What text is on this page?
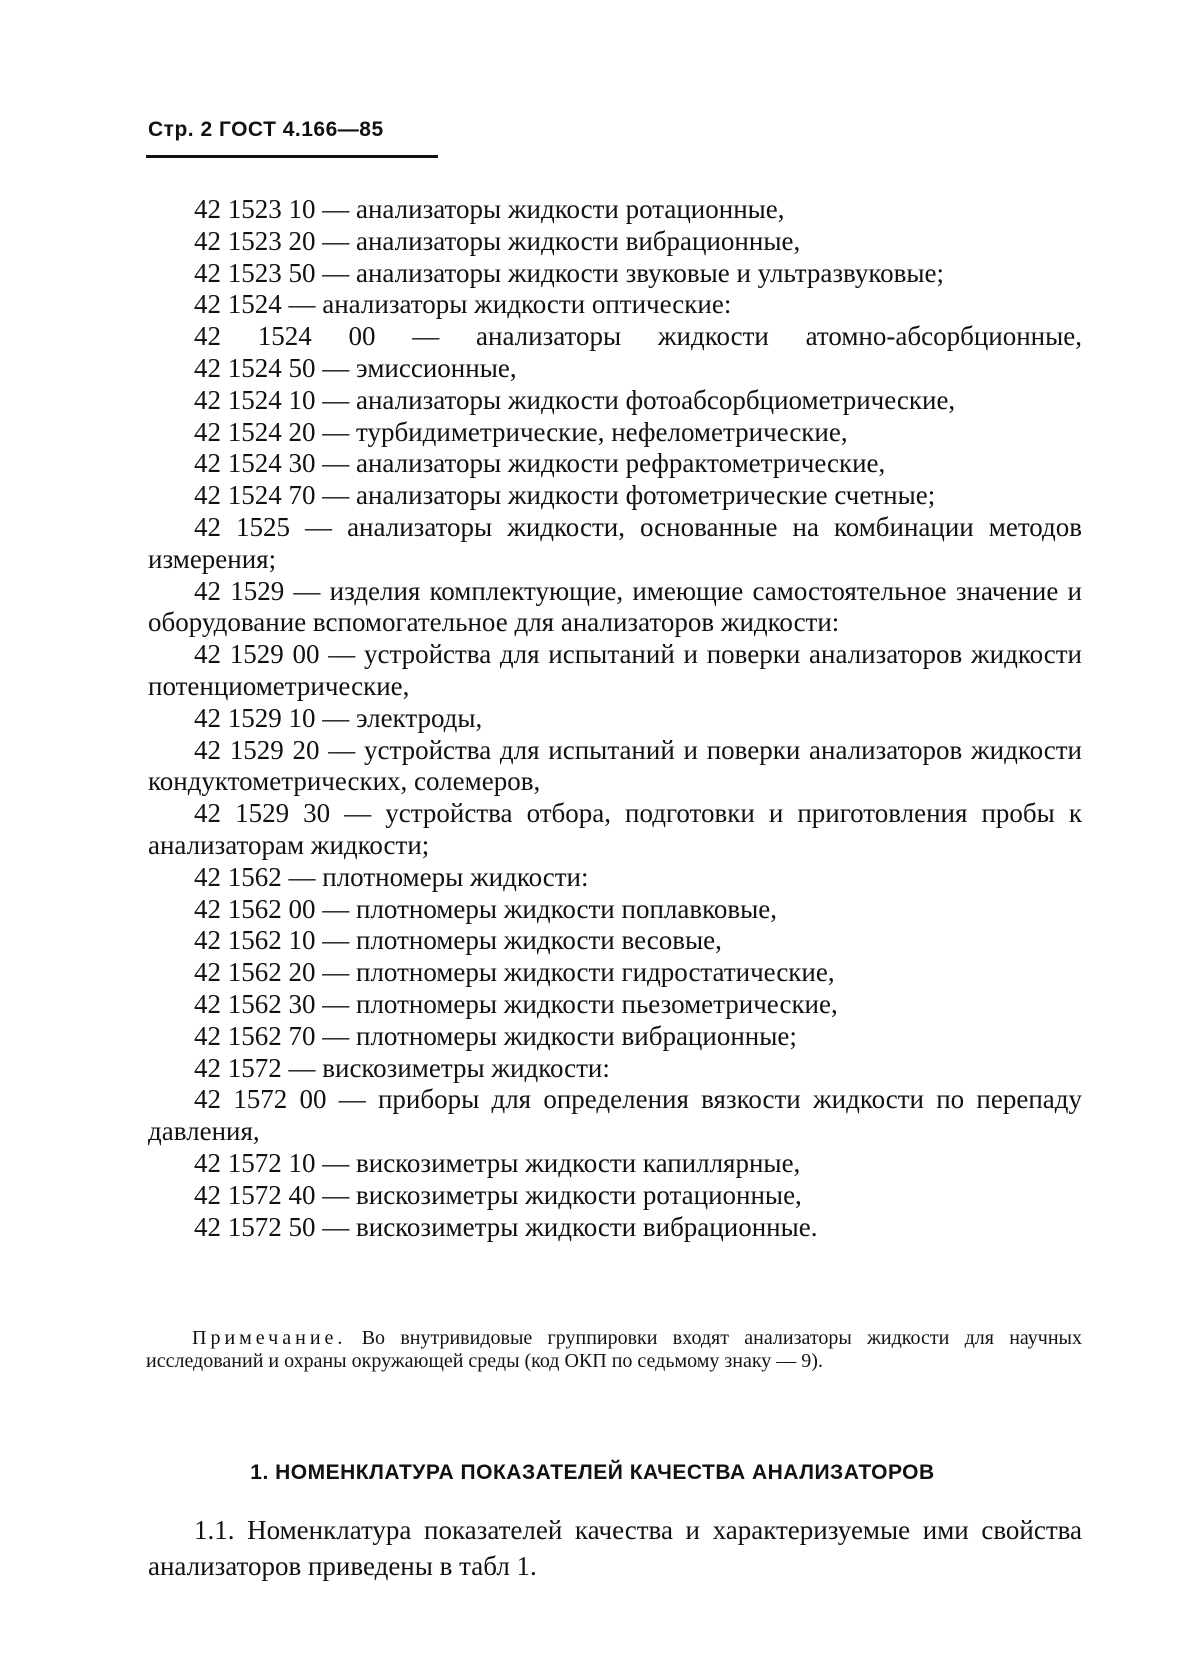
Стр. 2 ГОСТ 4.166—85

42 1523 10 — анализаторы жидкости ротационные,

42 1523 20 — анализаторы жидкости вибрационные,

42 1523 50 — анализаторы жидкости звуковые и ультразвуковые;

42 1524 — анализаторы жидкости оптические:

42 1524 00 — анализаторы жидкости атомно-абсорбционные,

42 1524 50 — эмиссионные,

42 1524 10 — анализаторы жидкости фотоабсорбциометрические,

42 1524 20 — турбидиметрические, нефелометрические,

42 1524 30 — анализаторы жидкости рефрактометрические,

42 1524 70 — анализаторы жидкости фотометрические счетные;

42 1525 — анализаторы жидкости, основанные на комбинации методов измерения;

42 1529 — изделия комплектующие, имеющие самостоятельное значение и оборудование вспомогательное для анализаторов жидкости:

42 1529 00 — устройства для испытаний и поверки анализаторов жидкости потенциометрические,

42 1529 10 — электроды,

42 1529 20 — устройства для испытаний и поверки анализаторов жидкости кондуктометрических, солемеров,

42 1529 30 — устройства отбора, подготовки и приготовления пробы к анализаторам жидкости;

42 1562 — плотномеры жидкости:

42 1562 00 — плотномеры жидкости поплавковые,

42 1562 10 — плотномеры жидкости весовые,

42 1562 20 — плотномеры жидкости гидростатические,

42 1562 30 — плотномеры жидкости пьезометрические,

42 1562 70 — плотномеры жидкости вибрационные;

42 1572 — вискозиметры жидкости:

42 1572 00 — приборы для определения вязкости жидкости по перепаду давления,

42 1572 10 — вискозиметры жидкости капиллярные,

42 1572 40 — вискозиметры жидкости ротационные,

42 1572 50 — вискозиметры жидкости вибрационные.

Примечание. Во внутривидовые группировки входят анализаторы жидкости для научных исследований и охраны окружающей среды (код ОКП по седьмому знаку — 9).
1. НОМЕНКЛАТУРА ПОКАЗАТЕЛЕЙ КАЧЕСТВА АНАЛИЗАТОРОВ

1.1. Номенклатура показателей качества и характеризуемые ими свойства анализаторов приведены в табл 1.
